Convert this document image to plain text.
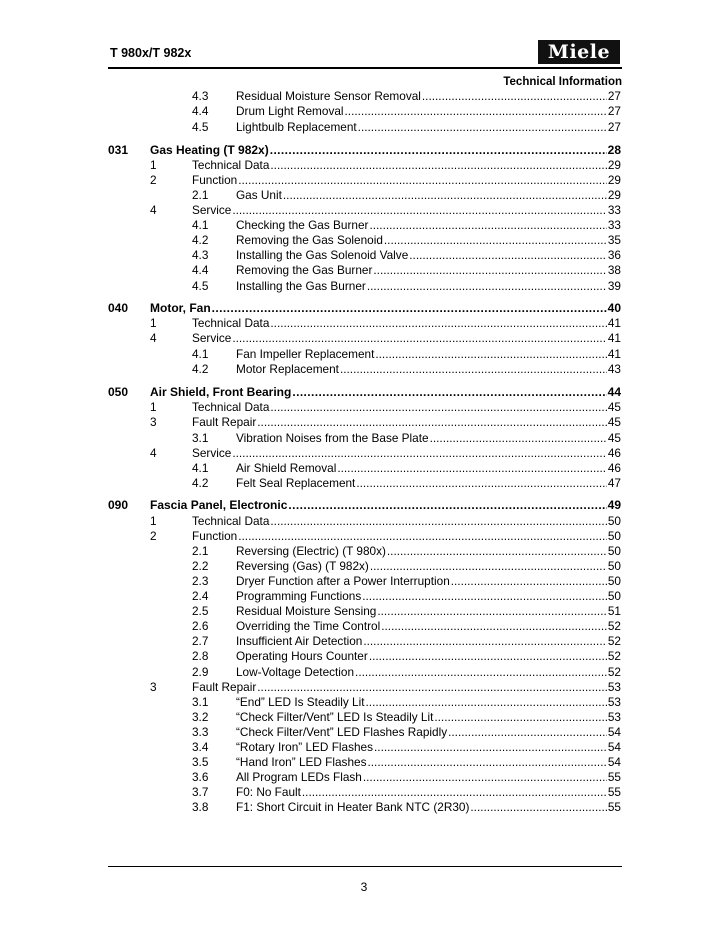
T 980x/T 982x	Miele
Technical Information
4.3 Residual Moisture Sensor Removal .....	27
4.4 Drum Light Removal .....	27
4.5 Lightbulb Replacement .....	27
031 Gas Heating (T 982x) .....	28
1	Technical Data .....	29
2	Function .....	29
2.1 Gas Unit .....	29
4	Service .....	33
4.1 Checking the Gas Burner .....	33
4.2 Removing the Gas Solenoid .....	35
4.3 Installing the Gas Solenoid Valve .....	36
4.4 Removing the Gas Burner .....	38
4.5 Installing the Gas Burner .....	39
040 Motor, Fan .....	40
1	Technical Data .....	41
4	Service .....	41
4.1 Fan Impeller Replacement .....	41
4.2 Motor Replacement .....	43
050 Air Shield, Front Bearing .....	44
1	Technical Data .....	45
3	Fault Repair .....	45
3.1 Vibration Noises from the Base Plate .....	45
4	Service .....	46
4.1 Air Shield Removal .....	46
4.2 Felt Seal Replacement .....	47
090 Fascia Panel, Electronic .....	49
1	Technical Data .....	50
2	Function .....	50
2.1 Reversing (Electric) (T 980x) .....	50
2.2 Reversing (Gas) (T 982x) .....	50
2.3 Dryer Function after a Power Interruption .....	50
2.4 Programming Functions .....	50
2.5 Residual Moisture Sensing .....	51
2.6 Overriding the Time Control .....	52
2.7 Insufficient Air Detection .....	52
2.8 Operating Hours Counter .....	52
2.9 Low-Voltage Detection .....	52
3	Fault Repair .....	53
3.1 “End” LED Is Steadily Lit .....	53
3.2 “Check Filter/Vent” LED Is Steadily Lit .....	53
3.3 “Check Filter/Vent” LED Flashes Rapidly .....	54
3.4 “Rotary Iron” LED Flashes .....	54
3.5 “Hand Iron” LED Flashes .....	54
3.6 All Program LEDs Flash .....	55
3.7 F0: No Fault .....	55
3.8 F1: Short Circuit in Heater Bank NTC (2R30) .....	55
3
